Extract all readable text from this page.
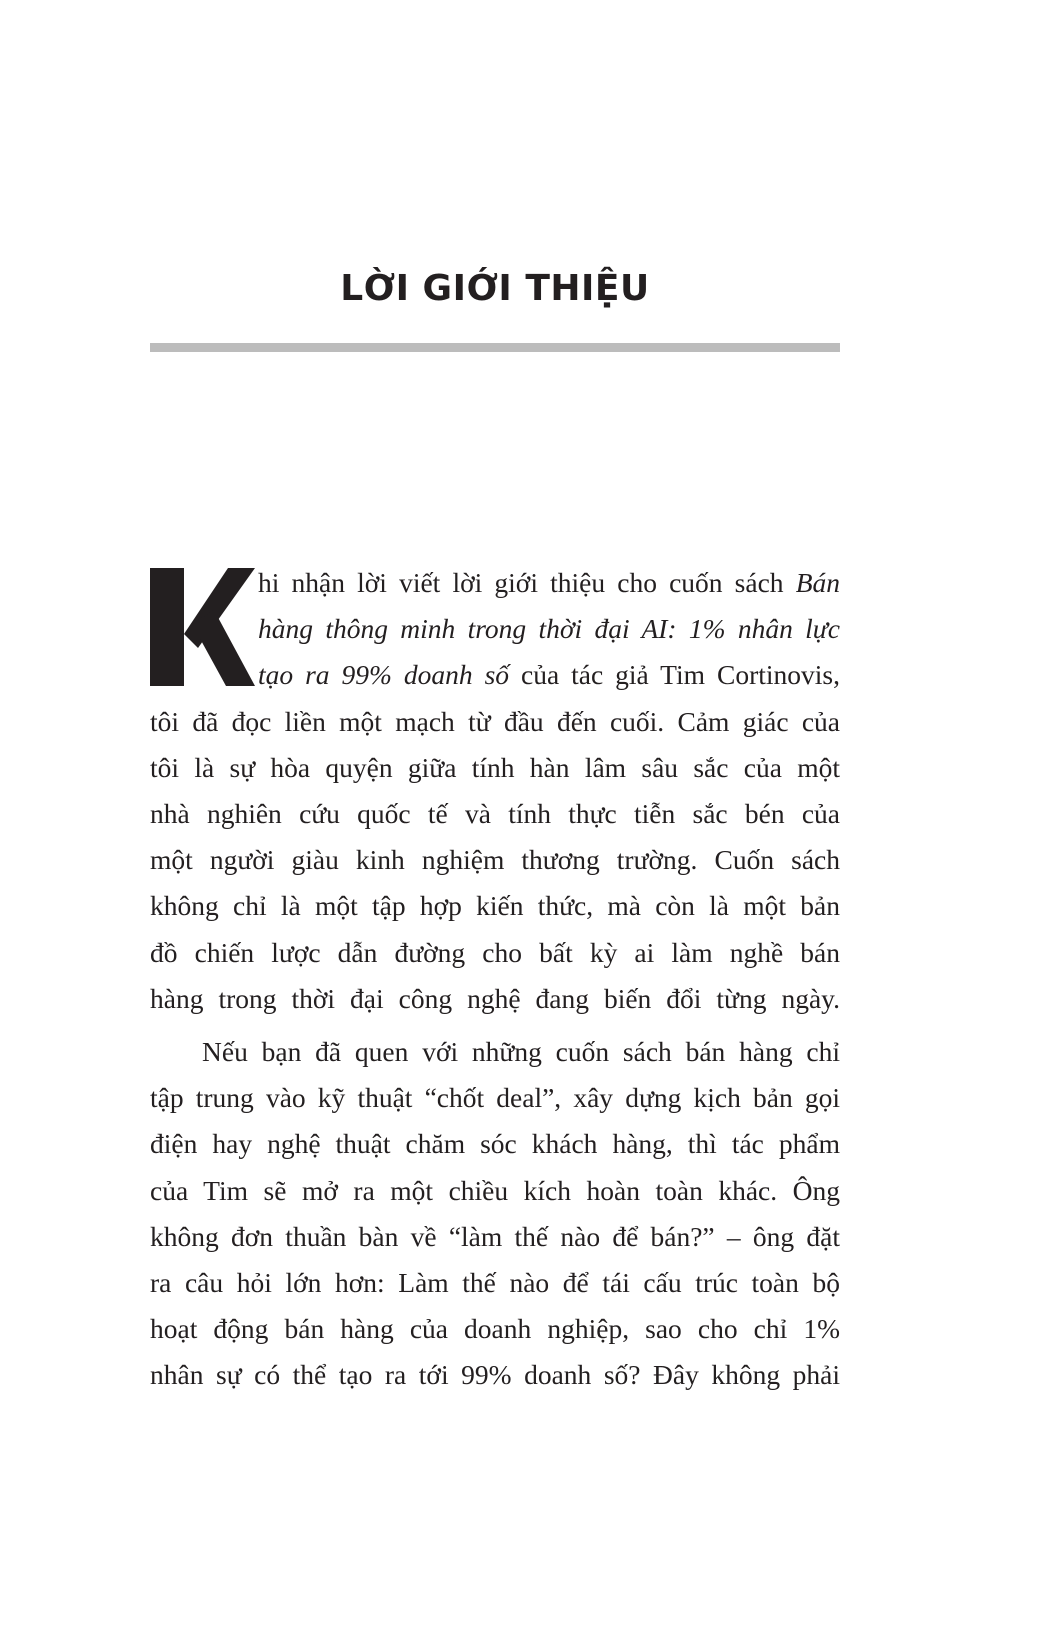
LỜI GIỚI THIỆU
hi nhận lời viết lời giới thiệu cho cuốn sách Bán
hàng thông minh trong thời đại AI: 1% nhân lực
tạo ra 99% doanh số của tác giả Tim Cortinovis,
tôi đã đọc liền một mạch từ đầu đến cuối. Cảm giác của
tôi là sự hòa quyện giữa tính hàn lâm sâu sắc của một
nhà nghiên cứu quốc tế và tính thực tiễn sắc bén của
một người giàu kinh nghiệm thương trường. Cuốn sách
không chỉ là một tập hợp kiến thức, mà còn là một bản
đồ chiến lược dẫn đường cho bất kỳ ai làm nghề bán
hàng trong thời đại công nghệ đang biến đổi từng ngày.
Nếu bạn đã quen với những cuốn sách bán hàng chỉ
tập trung vào kỹ thuật “chốt deal”, xây dựng kịch bản gọi
điện hay nghệ thuật chăm sóc khách hàng, thì tác phẩm
của Tim sẽ mở ra một chiều kích hoàn toàn khác. Ông
không đơn thuần bàn về “làm thế nào để bán?” – ông đặt
ra câu hỏi lớn hơn: Làm thế nào để tái cấu trúc toàn bộ
hoạt động bán hàng của doanh nghiệp, sao cho chỉ 1%
nhân sự có thể tạo ra tới 99% doanh số? Đây không phải
